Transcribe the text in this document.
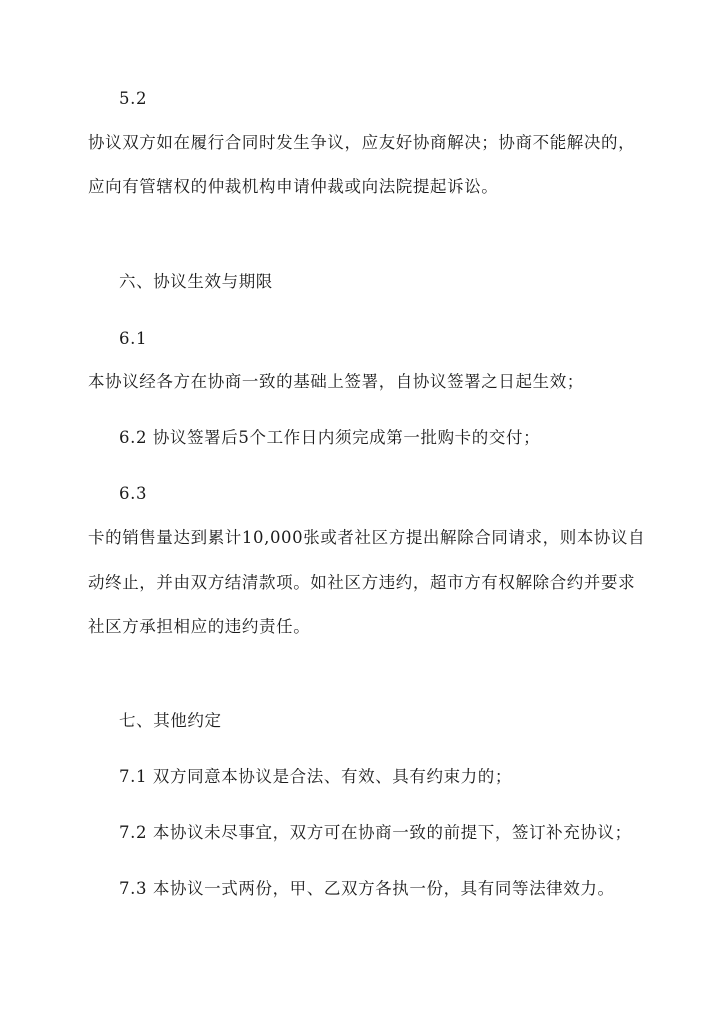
5.2
协议双方如在履行合同时发生争议，应友好协商解决；协商不能解决的，
应向有管辖权的仲裁机构申请仲裁或向法院提起诉讼。
六、协议生效与期限
6.1
本协议经各方在协商一致的基础上签署，自协议签署之日起生效；
6.2 协议签署后5个工作日内须完成第一批购卡的交付；
6.3
卡的销售量达到累计10,000张或者社区方提出解除合同请求，则本协议自
动终止，并由双方结清款项。如社区方违约，超市方有权解除合约并要求
社区方承担相应的违约责任。
七、其他约定
7.1 双方同意本协议是合法、有效、具有约束力的；
7.2 本协议未尽事宜，双方可在协商一致的前提下，签订补充协议；
7.3 本协议一式两份，甲、乙双方各执一份，具有同等法律效力。
